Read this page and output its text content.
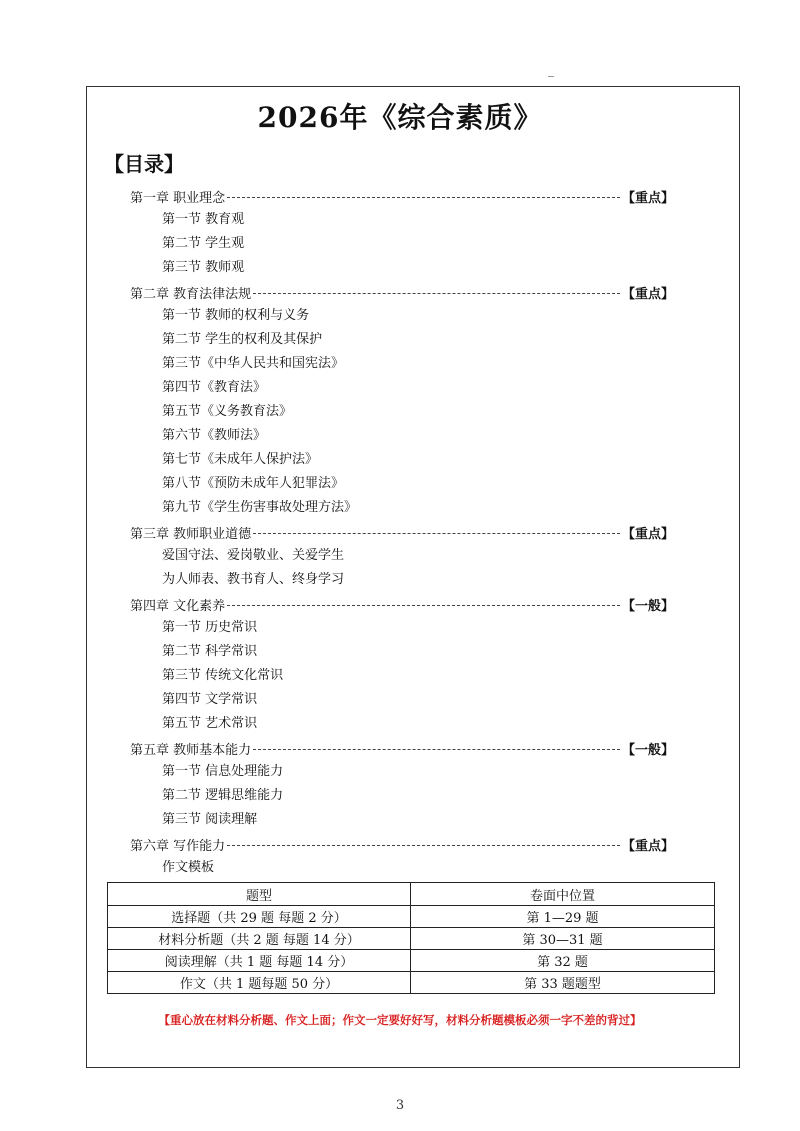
2026年《综合素质》
【目录】
第一章 职业理念	【重点】
第一节 教育观
第二节 学生观
第三节 教师观
第二章 教育法律法规	【重点】
第一节 教师的权利与义务
第二节 学生的权利及其保护
第三节《中华人民共和国宪法》
第四节《教育法》
第五节《义务教育法》
第六节《教师法》
第七节《未成年人保护法》
第八节《预防未成年人犯罪法》
第九节《学生伤害事故处理方法》
第三章 教师职业道德	【重点】
爱国守法、爱岗敬业、关爱学生
为人师表、教书育人、终身学习
第四章 文化素养	【一般】
第一节 历史常识
第二节 科学常识
第三节 传统文化常识
第四节 文学常识
第五节 艺术常识
第五章 教师基本能力	【一般】
第一节 信息处理能力
第二节 逻辑思维能力
第三节 阅读理解
第六章 写作能力	【重点】
作文模板
题型	卷面中位置
选择题（共 29 题 每题 2 分）	第 1—29 题
材料分析题（共 2 题 每题 14 分）	第 30—31 题
阅读理解（共 1 题 每题 14 分）	第 32 题
作文（共 1 题每题 50 分）	第 33 题题型
【重心放在材料分析题、作文上面；作文一定要好好写，材料分析题模板必须一字不差的背过】
3
